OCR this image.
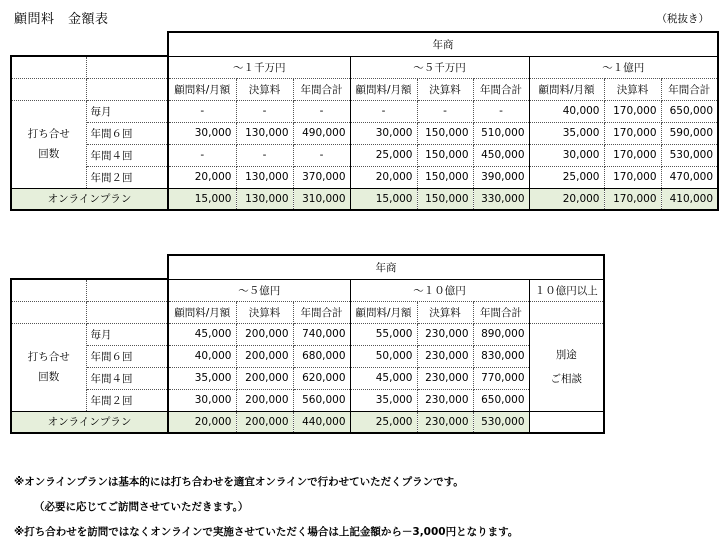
顧問料　金額表	（税抜き）
		年商								
		～１千万円			～５千万円			～１億円		
		顧問料/月額	決算料	年間合計	顧問料/月額	決算料	年間合計	顧問料/月額	決算料	年間合計
打ち合せ
回数	毎月	-	-	-	-	-	-	40,000	170,000	650,000
	年間６回	30,000	130,000	490,000	30,000	150,000	510,000	35,000	170,000	590,000
	年間４回	-	-	-	25,000	150,000	450,000	30,000	170,000	530,000
	年間２回	20,000	130,000	370,000	20,000	150,000	390,000	25,000	170,000	470,000
オンラインプラン		15,000	130,000	310,000	15,000	150,000	330,000	20,000	170,000	410,000
		年商						
		～５億円			～１０億円			１０億円以上
		顧問料/月額	決算料	年間合計	顧問料/月額	決算料	年間合計	
打ち合せ
回数	毎月	45,000	200,000	740,000	55,000	230,000	890,000	別途
ご相談
	年間６回	40,000	200,000	680,000	50,000	230,000	830,000	
	年間４回	35,000	200,000	620,000	45,000	230,000	770,000	
	年間２回	30,000	200,000	560,000	35,000	230,000	650,000	
オンラインプラン		20,000	200,000	440,000	25,000	230,000	530,000	
※オンラインプランは基本的には打ち合わせを適宜オンラインで行わせていただくプランです。
（必要に応じてご訪問させていただきます。）
※打ち合わせを訪問ではなくオンラインで実施させていただく場合は上記金額から－3,000円となります。
